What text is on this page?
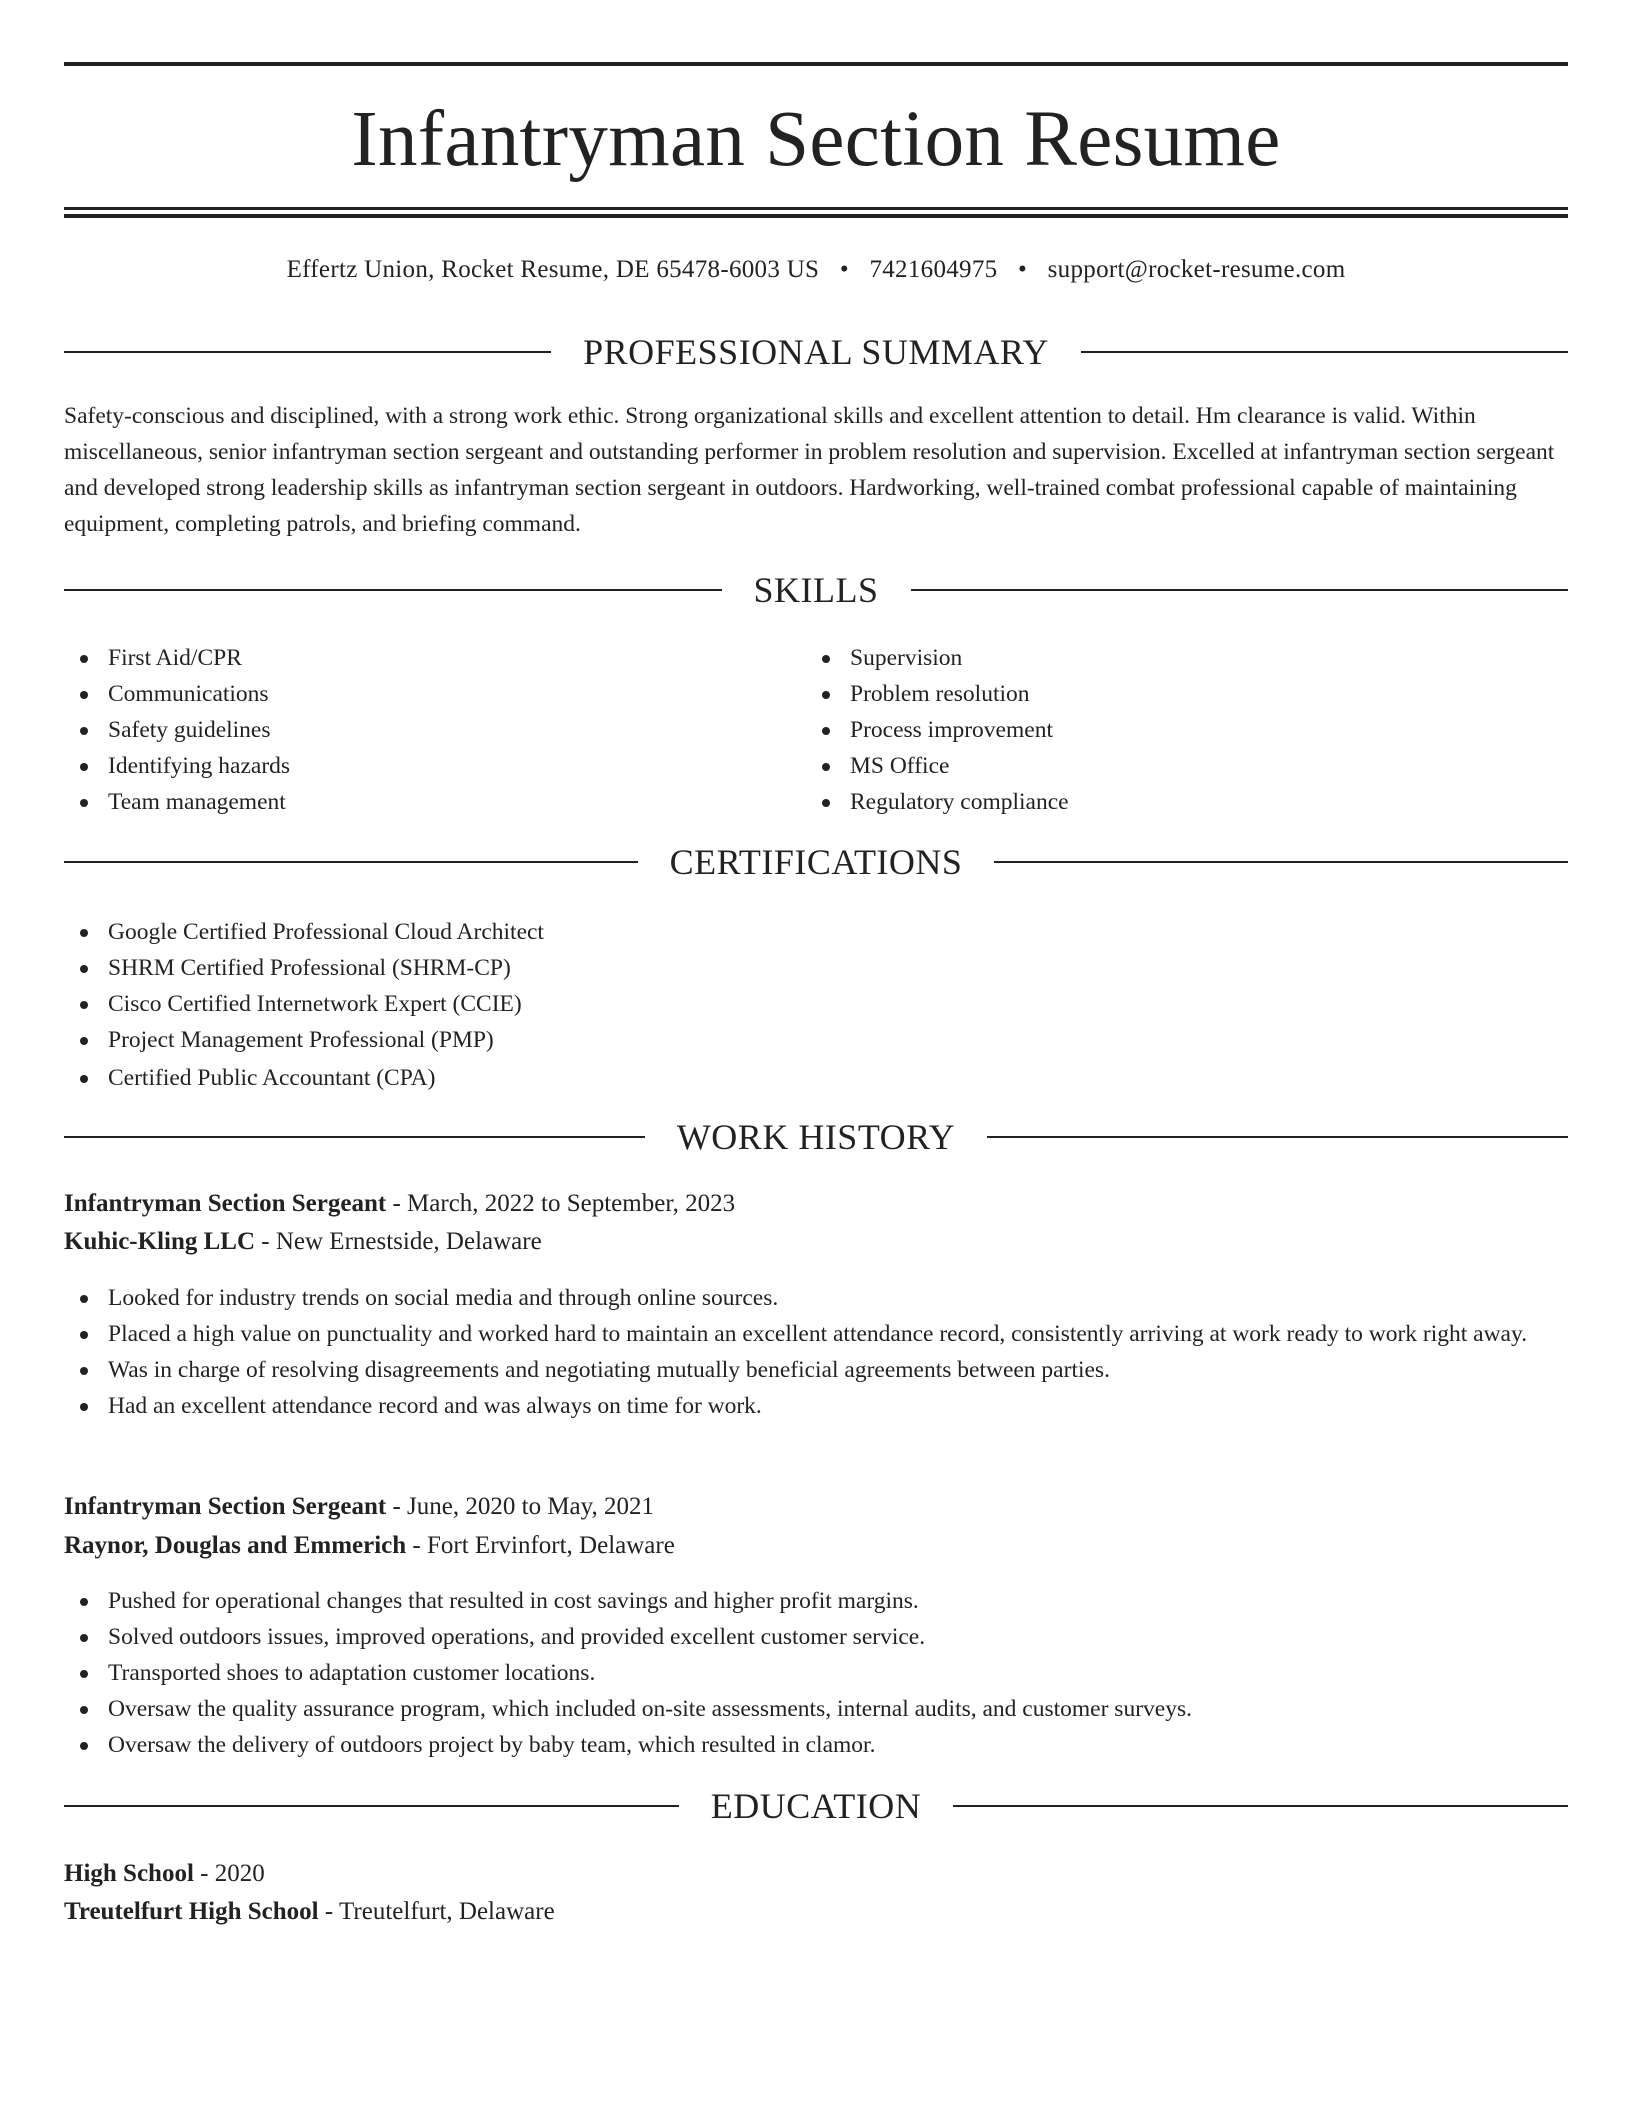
Infantryman Section Resume
Effertz Union, Rocket Resume, DE 65478-6003 US • 7421604975 • support@rocket-resume.com
PROFESSIONAL SUMMARY

Safety-conscious and disciplined, with a strong work ethic. Strong organizational skills and excellent attention to detail. Hm clearance is valid. Within miscellaneous, senior infantryman section sergeant and outstanding performer in problem resolution and supervision. Excelled at infantryman section sergeant and developed strong leadership skills as infantryman section sergeant in outdoors. Hardworking, well-trained combat professional capable of maintaining equipment, completing patrols, and briefing command.

SKILLS
First Aid/CPR
Communications
Safety guidelines
Identifying hazards
Team management
Supervision
Problem resolution
Process improvement
MS Office
Regulatory compliance
CERTIFICATIONS
Google Certified Professional Cloud Architect
SHRM Certified Professional (SHRM-CP)
Cisco Certified Internetwork Expert (CCIE)
Project Management Professional (PMP)
Certified Public Accountant (CPA)
WORK HISTORY
Infantryman Section Sergeant - March, 2022 to September, 2023
Kuhic-Kling LLC - New Ernestside, Delaware
Looked for industry trends on social media and through online sources.
Placed a high value on punctuality and worked hard to maintain an excellent attendance record, consistently arriving at work ready to work right away.
Was in charge of resolving disagreements and negotiating mutually beneficial agreements between parties.
Had an excellent attendance record and was always on time for work.
Infantryman Section Sergeant - June, 2020 to May, 2021
Raynor, Douglas and Emmerich - Fort Ervinfort, Delaware
Pushed for operational changes that resulted in cost savings and higher profit margins.
Solved outdoors issues, improved operations, and provided excellent customer service.
Transported shoes to adaptation customer locations.
Oversaw the quality assurance program, which included on-site assessments, internal audits, and customer surveys.
Oversaw the delivery of outdoors project by baby team, which resulted in clamor.
EDUCATION
High School - 2020
Treutelfurt High School - Treutelfurt, Delaware
